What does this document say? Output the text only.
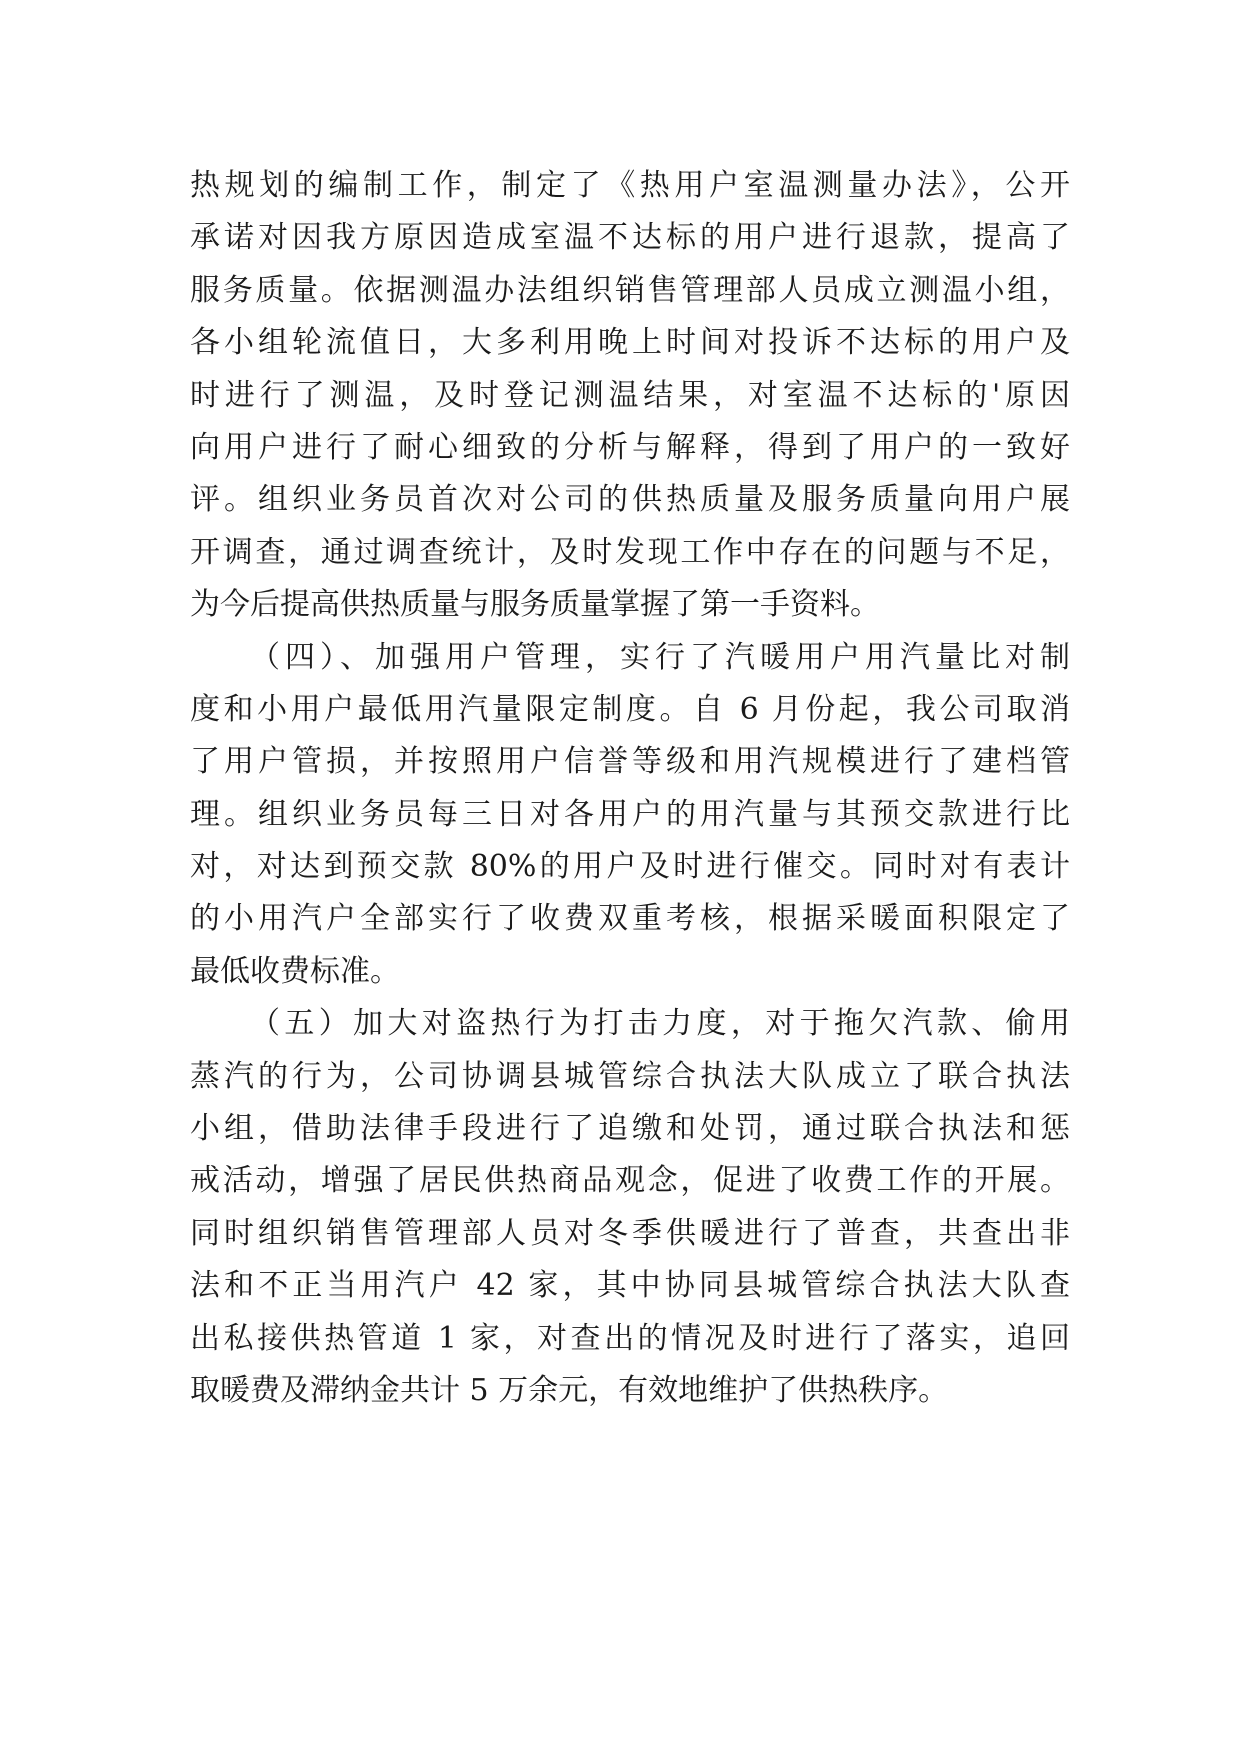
热规划的编制工作，制定了《热用户室温测量办法》，公开
承诺对因我方原因造成室温不达标的用户进行退款，提高了
服务质量。依据测温办法组织销售管理部人员成立测温小组，
各小组轮流值日，大多利用晚上时间对投诉不达标的用户及
时进行了测温，及时登记测温结果，对室温不达标的'原因
向用户进行了耐心细致的分析与解释，得到了用户的一致好
评。组织业务员首次对公司的供热质量及服务质量向用户展
开调查，通过调查统计，及时发现工作中存在的问题与不足，
为今后提高供热质量与服务质量掌握了第一手资料。
（四）、加强用户管理，实行了汽暖用户用汽量比对制
度和小用户最低用汽量限定制度。自 6 月份起，我公司取消
了用户管损，并按照用户信誉等级和用汽规模进行了建档管
理。组织业务员每三日对各用户的用汽量与其预交款进行比
对，对达到预交款 80%的用户及时进行催交。同时对有表计
的小用汽户全部实行了收费双重考核，根据采暖面积限定了
最低收费标准。
（五）加大对盗热行为打击力度，对于拖欠汽款、偷用
蒸汽的行为，公司协调县城管综合执法大队成立了联合执法
小组，借助法律手段进行了追缴和处罚，通过联合执法和惩
戒活动，增强了居民供热商品观念，促进了收费工作的开展。
同时组织销售管理部人员对冬季供暖进行了普查，共查出非
法和不正当用汽户 42 家，其中协同县城管综合执法大队查
出私接供热管道 1 家，对查出的情况及时进行了落实，追回
取暖费及滞纳金共计 5 万余元，有效地维护了供热秩序。
